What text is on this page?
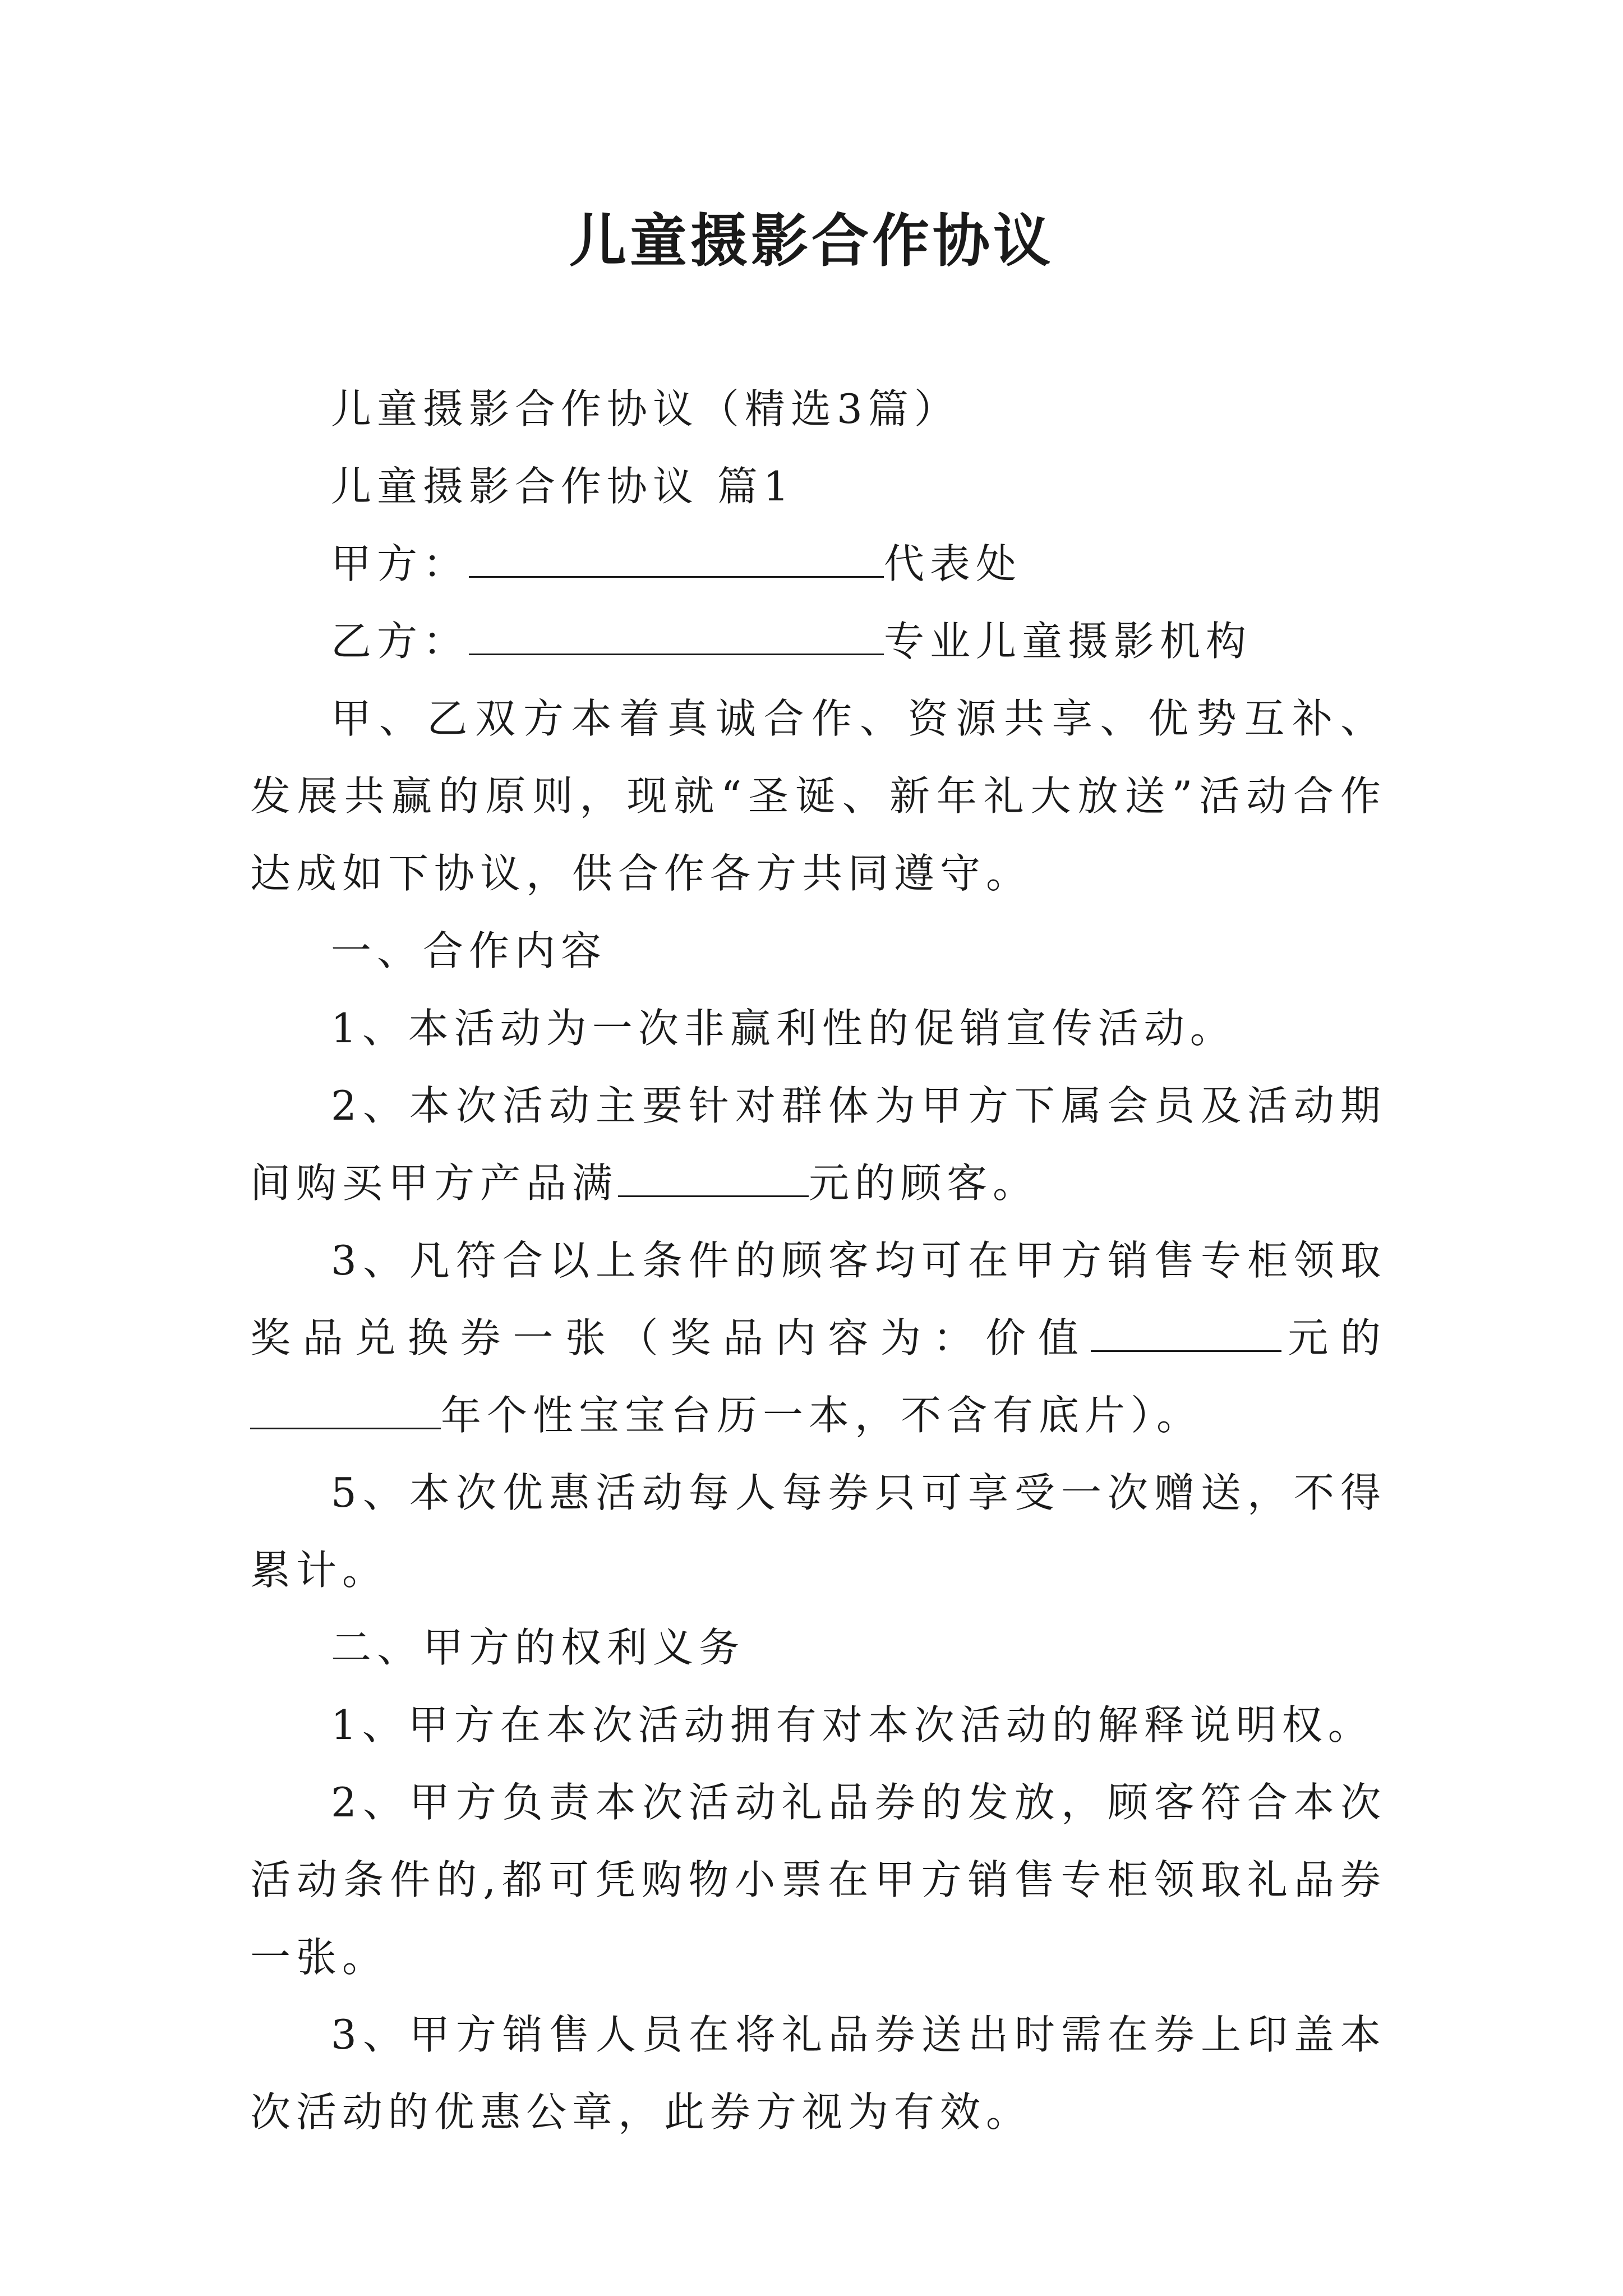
儿童摄影合作协议

儿童摄影合作协议（精选3篇）

儿童摄影合作协议 篇1

甲方：	代表处

乙方：	专业儿童摄影机构

甲、乙双方本着真诚合作、资源共享、优势互补、发展共赢的原则，现就“圣诞、新年礼大放送”活动合作达成如下协议，供合作各方共同遵守。

一、合作内容

1、本活动为一次非赢利性的促销宣传活动。

2、本次活动主要针对群体为甲方下属会员及活动期间购买甲方产品满	元的顾客。

3、凡符合以上条件的顾客均可在甲方销售专柜领取奖品兑换券一张（奖品内容为：价值	元的年个性宝宝台历一本，不含有底片）。

5、本次优惠活动每人每券只可享受一次赠送，不得累计。

二、甲方的权利义务

1、甲方在本次活动拥有对本次活动的解释说明权。

2、甲方负责本次活动礼品券的发放，顾客符合本次活动条件的,都可凭购物小票在甲方销售专柜领取礼品券一张。

3、甲方销售人员在将礼品券送出时需在券上印盖本次活动的优惠公章，此券方视为有效。
